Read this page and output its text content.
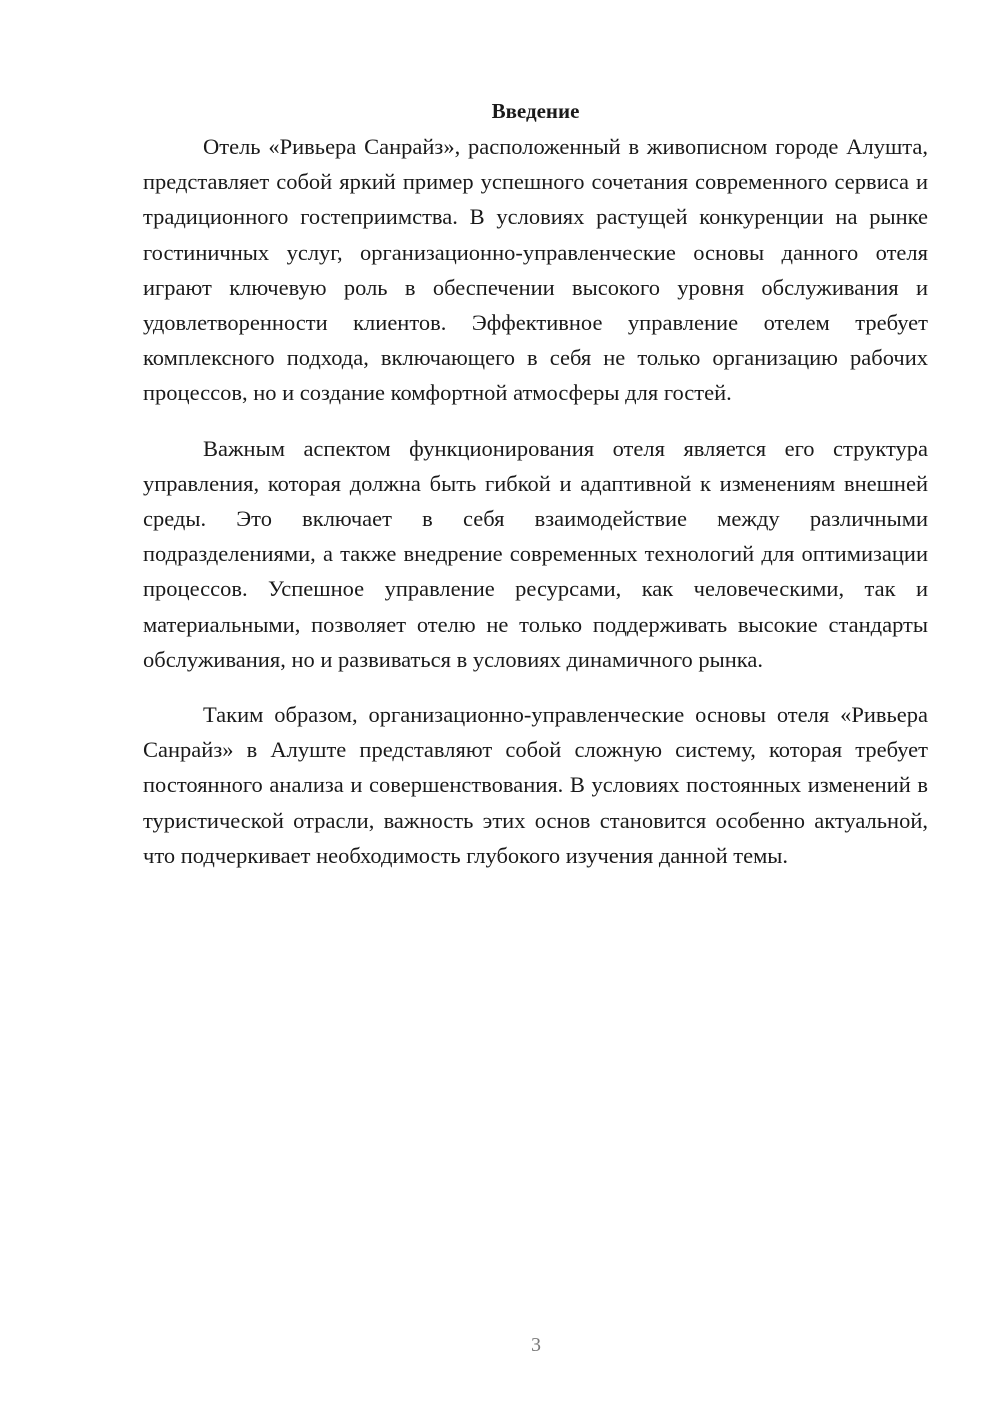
Введение

Отель «Ривьера Санрайз», расположенный в живописном городе Алушта, представляет собой яркий пример успешного сочетания современного сервиса и традиционного гостеприимства. В условиях растущей конкуренции на рынке гостиничных услуг, организационно-управленческие основы данного отеля играют ключевую роль в обеспечении высокого уровня обслуживания и удовлетворенности клиентов. Эффективное управление отелем требует комплексного подхода, включающего в себя не только организацию рабочих процессов, но и создание комфортной атмосферы для гостей.

Важным аспектом функционирования отеля является его структура управления, которая должна быть гибкой и адаптивной к изменениям внешней среды. Это включает в себя взаимодействие между различными подразделениями, а также внедрение современных технологий для оптимизации процессов. Успешное управление ресурсами, как человеческими, так и материальными, позволяет отелю не только поддерживать высокие стандарты обслуживания, но и развиваться в условиях динамичного рынка.

Таким образом, организационно-управленческие основы отеля «Ривьера Санрайз» в Алуште представляют собой сложную систему, которая требует постоянного анализа и совершенствования. В условиях постоянных изменений в туристической отрасли, важность этих основ становится особенно актуальной, что подчеркивает необходимость глубокого изучения данной темы.

3
